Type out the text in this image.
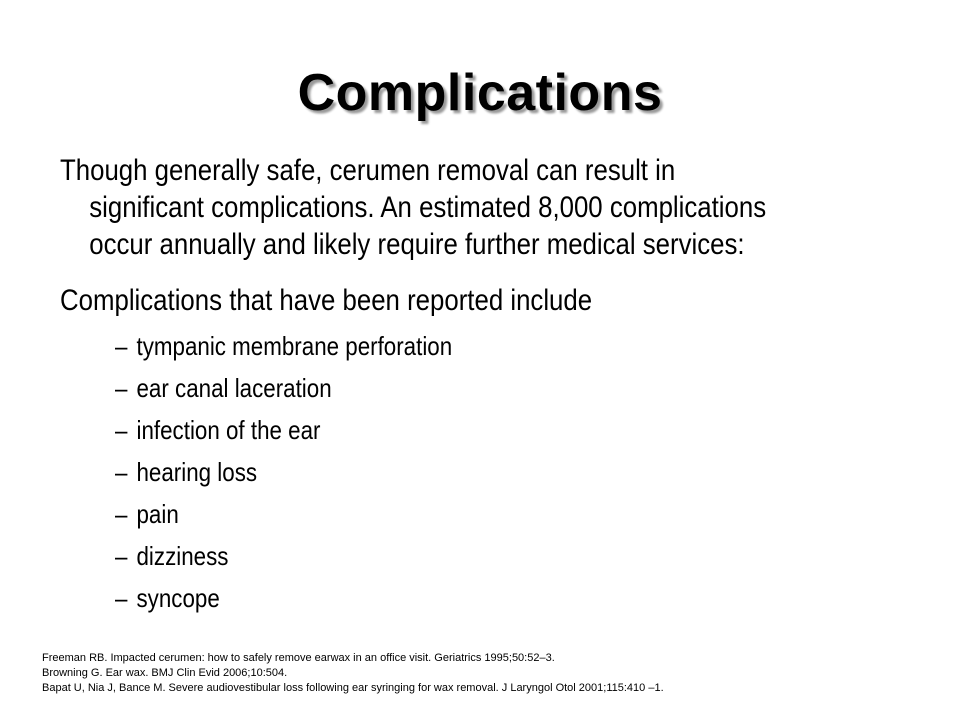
Complications
Though generally safe, cerumen removal can result in
significant complications. An estimated 8,000 complications
occur annually and likely require further medical services:
Complications that have been reported include
– tympanic membrane perforation
– ear canal laceration
– infection of the ear
– hearing loss
– pain
– dizziness
– syncope
Freeman RB. Impacted cerumen: how to safely remove earwax in an office visit. Geriatrics 1995;50:52–3.
Browning G. Ear wax. BMJ Clin Evid 2006;10:504.
Bapat U, Nia J, Bance M. Severe audiovestibular loss following ear syringing for wax removal. J Laryngol Otol 2001;115:410 –1.
